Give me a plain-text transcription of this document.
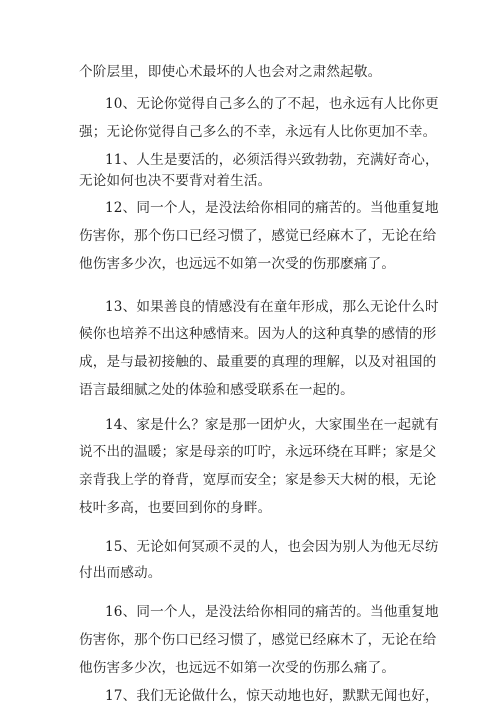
个阶层里，即使心术最坏的人也会对之肃然起敬。
10、无论你觉得自己多么的了不起，也永远有人比你更
强；无论你觉得自己多么的不幸，永远有人比你更加不幸。
11、人生是要活的，必须活得兴致勃勃，充满好奇心，
无论如何也决不要背对着生活。
12、同一个人，是没法给你相同的痛苦的。当他重复地
伤害你，那个伤口已经习惯了，感觉已经麻木了，无论在给
他伤害多少次，也远远不如第一次受的伤那麽痛了。
13、如果善良的情感没有在童年形成，那么无论什么时
候你也培养不出这种感情来。因为人的这种真挚的感情的形
成，是与最初接触的、最重要的真理的理解，以及对祖国的
语言最细腻之处的体验和感受联系在一起的。
14、家是什么？家是那一团炉火，大家围坐在一起就有
说不出的温暖；家是母亲的叮咛，永远环绕在耳畔；家是父
亲背我上学的脊背，宽厚而安全；家是参天大树的根，无论
枝叶多高，也要回到你的身畔。
15、无论如何冥顽不灵的人，也会因为别人为他无尽纺
付出而感动。
16、同一个人，是没法给你相同的痛苦的。当他重复地
伤害你，那个伤口已经习惯了，感觉已经麻木了，无论在给
他伤害多少次，也远远不如第一次受的伤那么痛了。
17、我们无论做什么，惊天动地也好，默默无闻也好，
